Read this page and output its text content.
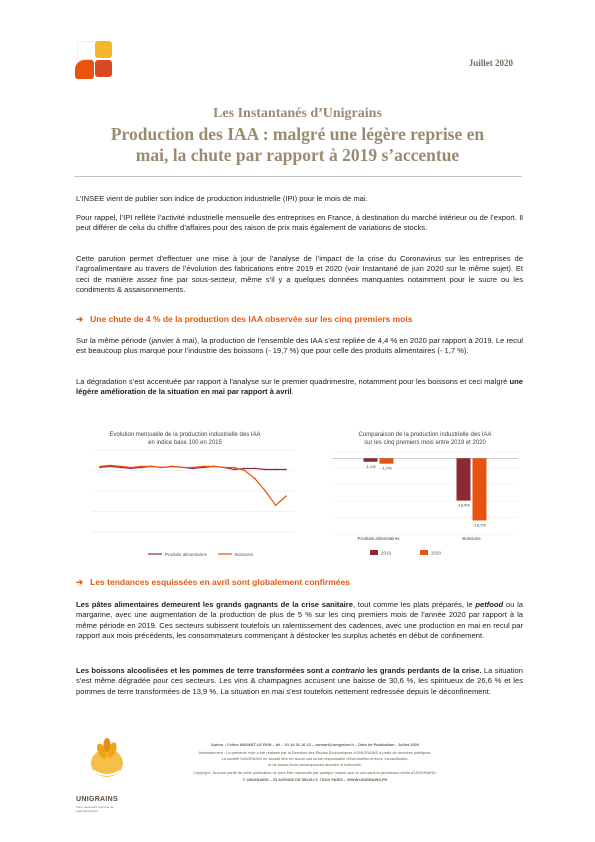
Juillet 2020
Les Instantanés d’Unigrains
Production des IAA : malgré une légère reprise en
mai, la chute par rapport à 2019 s’accentue
L’INSEE vient de publier son indice de production industrielle (IPI) pour le mois de mai.
Pour rappel, l’IPI reflète l’activité industrielle mensuelle des entreprises en France, à destination du marché intérieur ou de l’export. Il peut différer de celui du chiffre d’affaires pour des raison de prix mais également de variations de stocks.
Cette parution permet d’effectuer une mise à jour de l’analyse de l’impact de la crise du Coronavirus sur les entreprises de l’agroalimentaire au travers de l’évolution des fabrications entre 2019 et 2020 (voir Instantané de juin 2020 sur le même sujet). Et ceci de manière assez fine par sous-secteur, même s’il y a quelques données manquantes notamment pour le sucre ou les condiments & assaisonnements.
➔ Une chute de 4 % de la production des IAA observée sur les cinq premiers mois
Sur la même période (janvier à mai), la production de l’ensemble des IAA s’est repliée de 4,4 % en 2020 par rapport à 2019. Le recul est beaucoup plus marqué pour l’industrie des boissons (- 19,7 %) que pour celle des produits alimentaires (- 1,7 %).
La dégradation s’est accentuée par rapport à l’analyse sur le premier quadrimestre, notamment pour les boissons et ceci malgré une légère amélioration de la situation en mai par rapport à avril.
Evolution mensuelle de la production industrielle des IAA
en indice base 100 en 2015
Produits alimentaires	Boissons
Comparaison de la production industrielle des IAA
sur les cinq premiers mois entre 2019 et 2020
-1,1% -1,7%
Produits alimentaires
-13,4%
-19,7%
Boissons
2019	2020
➔ Les tendances esquissées en avril sont globalement confirmées
Les pâtes alimentaires demeurent les grands gagnants de la crise sanitaire, tout comme les plats préparés, le petfood ou la margarine, avec une augmentation de la production de plus de 5 % sur les cinq premiers mois de l’année 2020 par rapport à la même période en 2019. Ces secteurs subissent toutefois un ralentissement des cadences, avec une production en mai en recul par rapport aux mois précédents, les consommateurs commençant à déstocker les surplus achetés en début de confinement.
Les boissons alcoolisées et les pommes de terre transformées sont a contrario les grands perdants de la crise. La situation s’est même dégradée pour ces secteurs. Les vins & champagnes accusent une baisse de 30,6 %, les spiritueux de 26,6 % et les pommes de terre transformées de 13,9 %. La situation en mai s’est toutefois nettement redressée depuis le déconfinement.
UNIGRAINS
Votre partenaire financier de l’agroalimentaire
Auteur : Céline ANSART-LE RUN – tél. : 01 44 31 16 13 – cansart@unigrains.fr – Date de Publication : Juillet 2020
Avertissement : La présente note a été réalisée par la Direction des Études Économiques d’UNIGRAINS à partir de données publiques.
La société UNIGRAINS ne saurait être en aucun cas tenue responsable d’éventuelles erreurs, inexactitudes,
et de toutes leurs conséquences directes et indirectes.
Copyright : Aucune partie de cette publication ne peut être reproduite par quelque moyen que ce soit sans la permission écrite d’UNIGRAINS.
© UNIGRAINS – 23 AVENUE DE NEUILLY, 75116 PARIS – WWW.UNIGRAINS.FR
